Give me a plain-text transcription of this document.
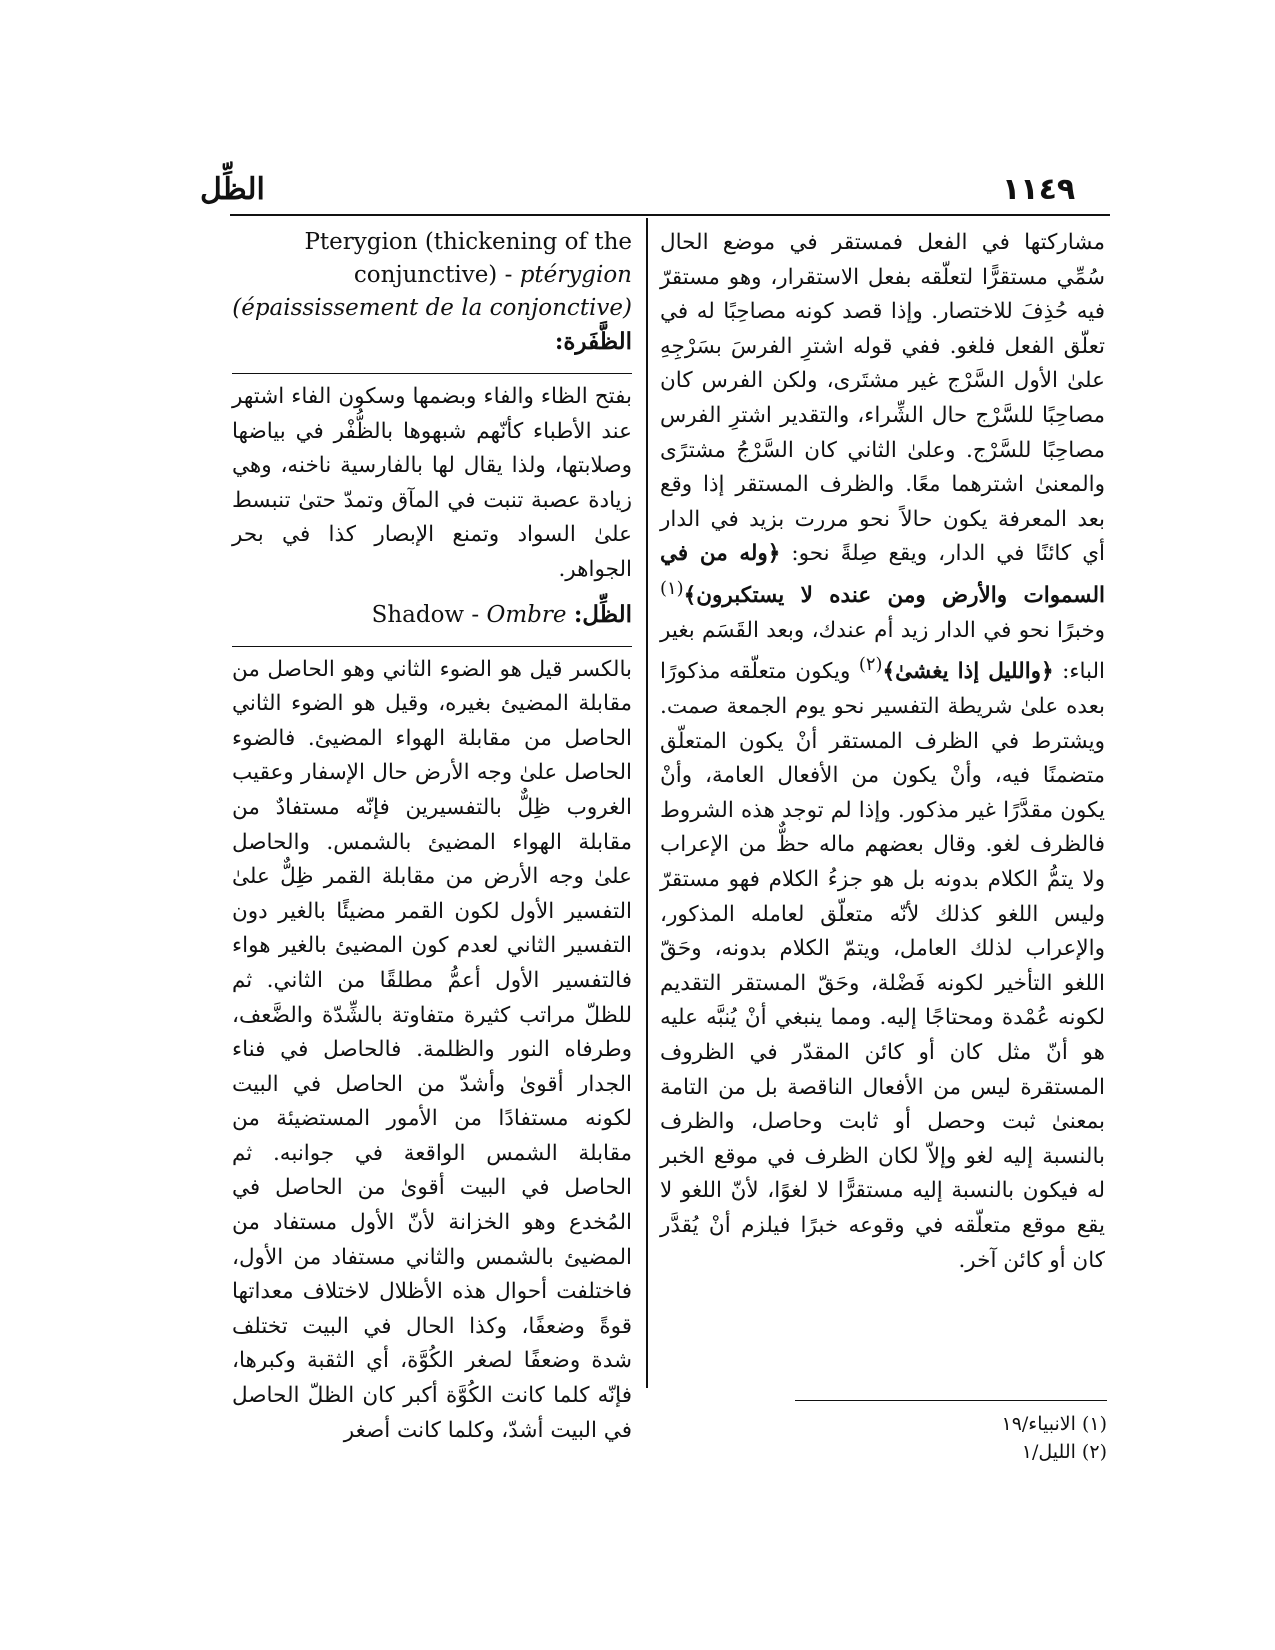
١١٤٩
الظِّل

مشاركتها في الفعل فمستقر في موضع الحال سُمِّي مستقرًّا لتعلّقه بفعل الاستقرار، وهو مستقرّ فيه حُذِفَ للاختصار. وإذا قصد كونه مصاحِبًا له في تعلّق الفعل فلغو. ففي قوله اشترِ الفرسَ بسَرْجِهِ علىٰ الأول السَّرْج غير مشتَرى، ولكن الفرس كان مصاحِبًا للسَّرْج حال الشِّراء، والتقدير اشترِ الفرس مصاحِبًا للسَّرْج. وعلىٰ الثاني كان السَّرْجُ مشترًى والمعنىٰ اشترهما معًا. والظرف المستقر إذا وقع بعد المعرفة يكون حالاً نحو مررت بزيد في الدار أي كائنًا في الدار، ويقع صِلةً نحو: ﴿وله من في السموات والأرض ومن عنده لا يستكبرون﴾$^{(١)}$ وخبرًا نحو في الدار زيد أم عندك، وبعد القَسَم بغير الباء: ﴿والليل إذا يغشىٰ﴾$^{(٢)}$ ويكون متعلّقه مذكورًا بعده علىٰ شريطة التفسير نحو يوم الجمعة صمت. ويشترط في الظرف المستقر أنْ يكون المتعلّق متضمنًا فيه، وأنْ يكون من الأفعال العامة، وأنْ يكون مقدَّرًا غير مذكور. وإذا لم توجد هذه الشروط فالظرف لغو. وقال بعضهم ماله حظٌّ من الإعراب ولا يتمُّ الكلام بدونه بل هو جزءُ الكلام فهو مستقرّ وليس اللغو كذلك لأنّه متعلّق لعامله المذكور، والإعراب لذلك العامل، ويتمّ الكلام بدونه، وحَقّ اللغو التأخير لكونه فَضْلة، وحَقّ المستقر التقديم لكونه عُمْدة ومحتاجًا إليه. ومما ينبغي أنْ يُنبَّه عليه هو أنّ مثل كان أو كائن المقدّر في الظروف المستقرة ليس من الأفعال الناقصة بل من التامة بمعنىٰ ثبت وحصل أو ثابت وحاصل، والظرف بالنسبة إليه لغو وإلاّ لكان الظرف في موقع الخبر له فيكون بالنسبة إليه مستقرًّا لا لغوًا، لأنّ اللغو لا يقع موقع متعلّقه في وقوعه خبرًا فيلزم أنْ يُقدَّر كان أو كائن آخر.

Pterygion (thickening of the conjunctive) - ptérygion (épaississement de la conjonctive) الظَّفَرة:

بفتح الظاء والفاء وبضمها وسكون الفاء اشتهر عند الأطباء كأنّهم شبهوها بالظُّفْر في بياضها وصلابتها، ولذا يقال لها بالفارسية ناخنه، وهي زيادة عصبة تنبت في المآق وتمدّ حتىٰ تنبسط علىٰ السواد وتمنع الإبصار كذا في بحر الجواهر.

Shadow - Ombre الظِّل:

بالكسر قيل هو الضوء الثاني وهو الحاصل من مقابلة المضيئ بغيره، وقيل هو الضوء الثاني الحاصل من مقابلة الهواء المضيئ. فالضوء الحاصل علىٰ وجه الأرض حال الإسفار وعقيب الغروب ظِلٌّ بالتفسيرين فإنّه مستفادٌ من مقابلة الهواء المضيئ بالشمس. والحاصل علىٰ وجه الأرض من مقابلة القمر ظِلٌّ علىٰ التفسير الأول لكون القمر مضيئًا بالغير دون التفسير الثاني لعدم كون المضيئ بالغير هواء فالتفسير الأول أعمُّ مطلقًا من الثاني. ثم للظلّ مراتب كثيرة متفاوتة بالشِّدّة والضَّعف، وطرفاه النور والظلمة. فالحاصل في فناء الجدار أقوىٰ وأشدّ من الحاصل في البيت لكونه مستفادًا من الأمور المستضيئة من مقابلة الشمس الواقعة في جوانبه. ثم الحاصل في البيت أقوىٰ من الحاصل في المُخدع وهو الخزانة لأنّ الأول مستفاد من المضيئ بالشمس والثاني مستفاد من الأول، فاختلفت أحوال هذه الأظلال لاختلاف معداتها قوةً وضعفًا، وكذا الحال في البيت تختلف شدة وضعفًا لصغر الكُوَّة، أي الثقبة وكبرها، فإنّه كلما كانت الكُوَّة أكبر كان الظلّ الحاصل في البيت أشدّ، وكلما كانت أصغر	(١) الانبياء/١٩
(٢) الليل/١
